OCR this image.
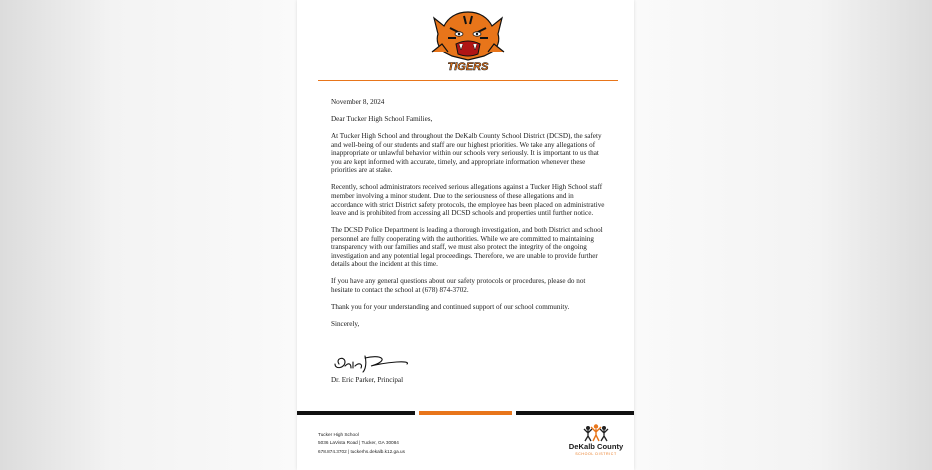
TIGERS

November 8, 2024

Dear Tucker High School Families,

At Tucker High School and throughout the DeKalb County School District (DCSD), the safety and well-being of our students and staff are our highest priorities. We take any allegations of inappropriate or unlawful behavior within our schools very seriously. It is important to us that you are kept informed with accurate, timely, and appropriate information whenever these priorities are at stake.

Recently, school administrators received serious allegations against a Tucker High School staff member involving a minor student. Due to the seriousness of these allegations and in accordance with strict District safety protocols, the employee has been placed on administrative leave and is prohibited from accessing all DCSD schools and properties until further notice.

The DCSD Police Department is leading a thorough investigation, and both District and school personnel are fully cooperating with the authorities. While we are committed to maintaining transparency with our families and staff, we must also protect the integrity of the ongoing investigation and any potential legal proceedings. Therefore, we are unable to provide further details about the incident at this time.

If you have any general questions about our safety protocols or procedures, please do not hesitate to contact the school at (678) 874-3702.

Thank you for your understanding and continued support of our school community.

Sincerely,

Dr. Eric Parker, Principal
Tucker High School
5036 LaVista Road | Tucker, GA 30084
678.874.3702 | tuckerhs.dekalb.k12.ga.us
DeKalb County
SCHOOL DISTRICT
